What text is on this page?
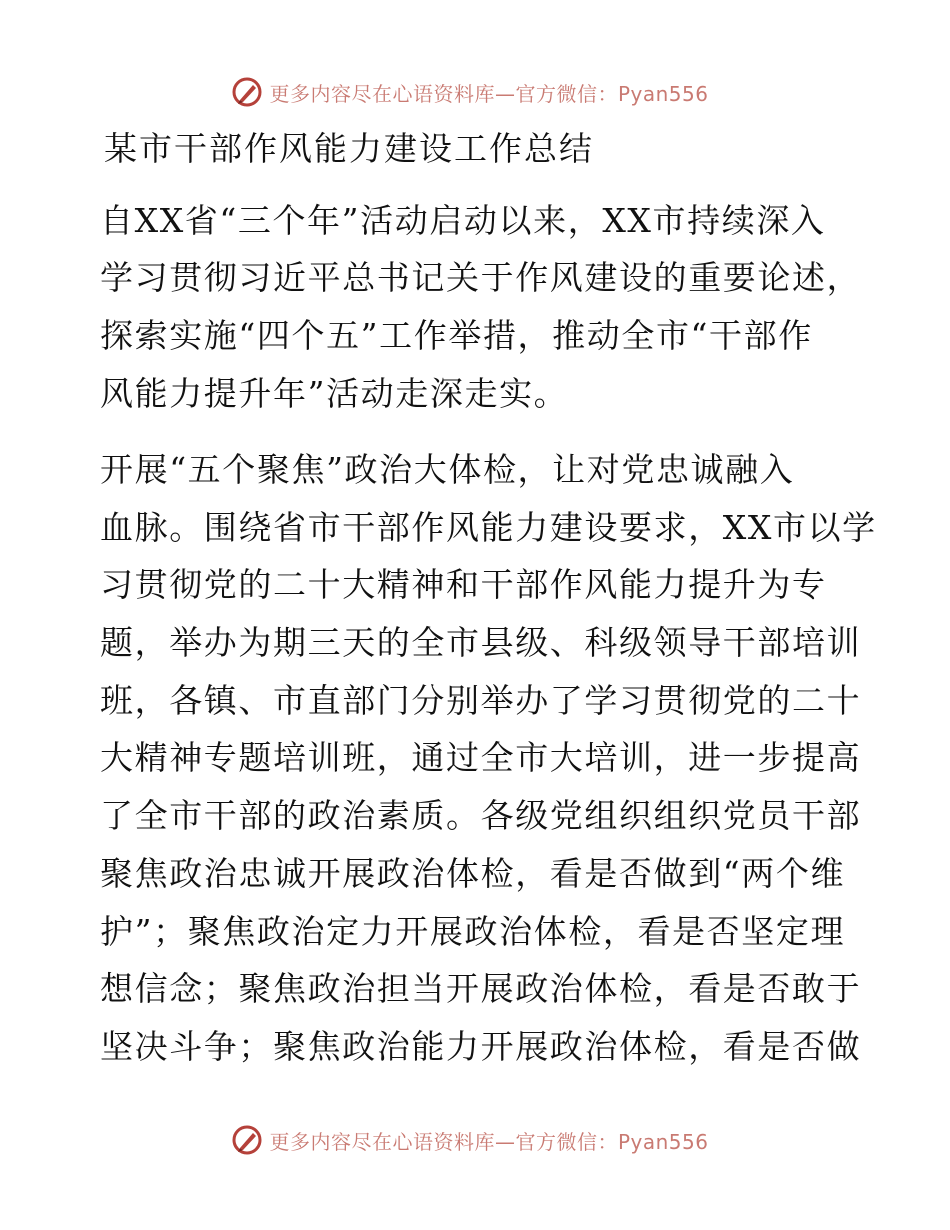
更多内容尽在心语资料库—官方微信：Pyan556
某市干部作风能力建设工作总结
自XX省“三个年”活动启动以来，XX市持续深入
学习贯彻习近平总书记关于作风建设的重要论述，
探索实施“四个五”工作举措，推动全市“干部作
风能力提升年”活动走深走实。
开展“五个聚焦”政治大体检，让对党忠诚融入
血脉。围绕省市干部作风能力建设要求，XX市以学
习贯彻党的二十大精神和干部作风能力提升为专
题，举办为期三天的全市县级、科级领导干部培训
班，各镇、市直部门分别举办了学习贯彻党的二十
大精神专题培训班，通过全市大培训，进一步提高
了全市干部的政治素质。各级党组织组织党员干部
聚焦政治忠诚开展政治体检，看是否做到“两个维
护”；聚焦政治定力开展政治体检，看是否坚定理
想信念；聚焦政治担当开展政治体检，看是否敢于
坚决斗争；聚焦政治能力开展政治体检，看是否做
更多内容尽在心语资料库—官方微信：Pyan556
